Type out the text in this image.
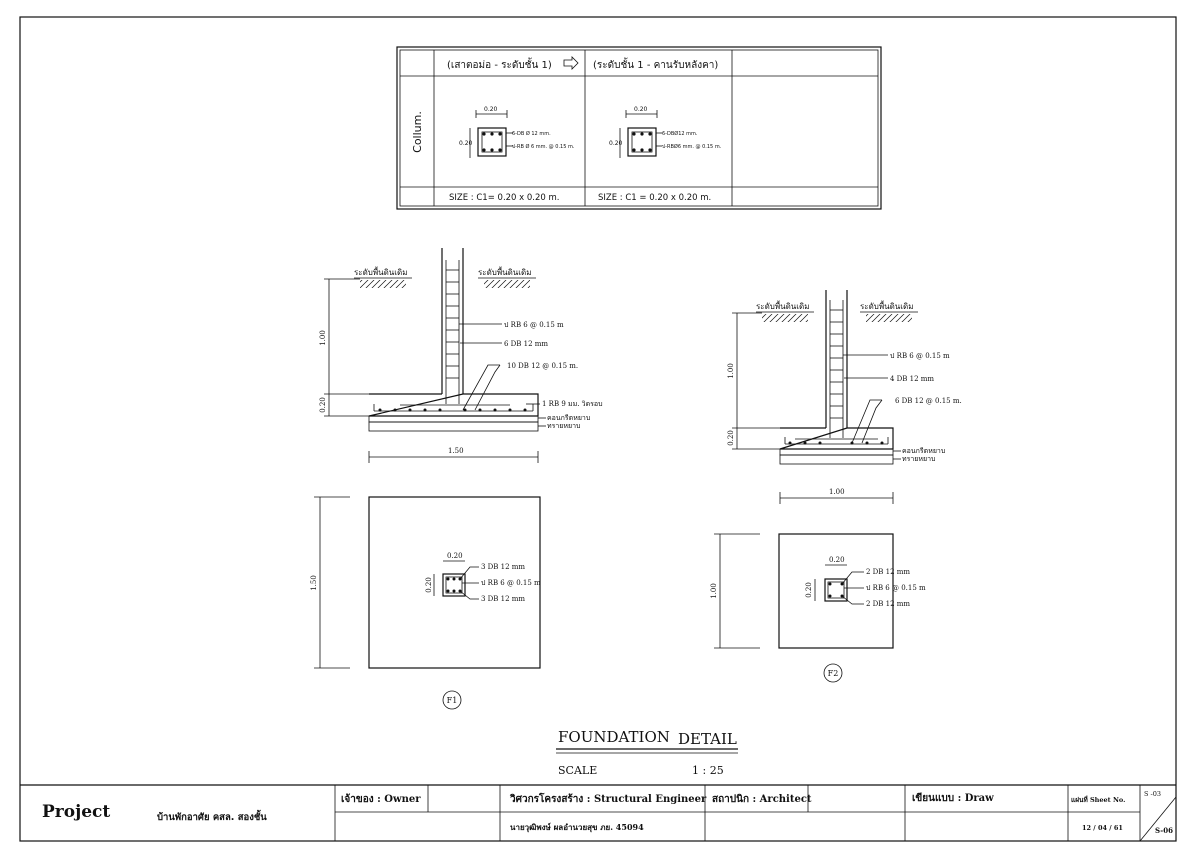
(เสาตอม่อ - ระดับชั้น 1)	(ระดับชั้น 1 - คานรับหลังคา)
Collum.
0.20
0.20
6-DB Ø 12 mm.
ป-RB Ø 6 mm. @ 0.15 m.
0.20
0.20
6-DBØ12 mm.
ป-RBØ6 mm. @ 0.15 m.
SIZE : C1= 0.20 x 0.20 m.	SIZE : C1 = 0.20 x 0.20 m.
ระดับพื้นดินเดิม	ระดับพื้นดินเดิม
1.00
0.20
ป RB 6 @ 0.15 m
6 DB 12 mm
10 DB 12 @ 0.15 m.
1 RB 9 มม. วิดรอบ
คอนกรีตหยาบ
ทรายหยาบ
1.50
1.50
0.20
0.20
3 DB 12 mm
ป RB 6 @ 0.15 m
3 DB 12 mm
F1
ระดับพื้นดินเดิม	ระดับพื้นดินเดิม
1.00
0.20
ป RB 6 @ 0.15 m
4 DB 12 mm
6 DB 12 @ 0.15 m.
คอนกรีตหยาบ
ทรายหยาบ
1.00
1.00
0.20
0.20
2 DB 12 mm
ป RB 6 @ 0.15 m
2 DB 12 mm
F2
FOUNDATION DETAIL
SCALE	1 : 25
Project	บ้านพักอาศัย คสล. สองชั้น
เจ้าของ : Owner	วิศวกรโครงสร้าง : Structural Engineer
นายวุฒิพงษ์ ผลอำนวยสุข ภย. 45094
สถาปนิก : Architect	เขียนแบบ : Draw	แผ่นที่ Sheet No.
12 / 04 / 61
S -03
S-06
